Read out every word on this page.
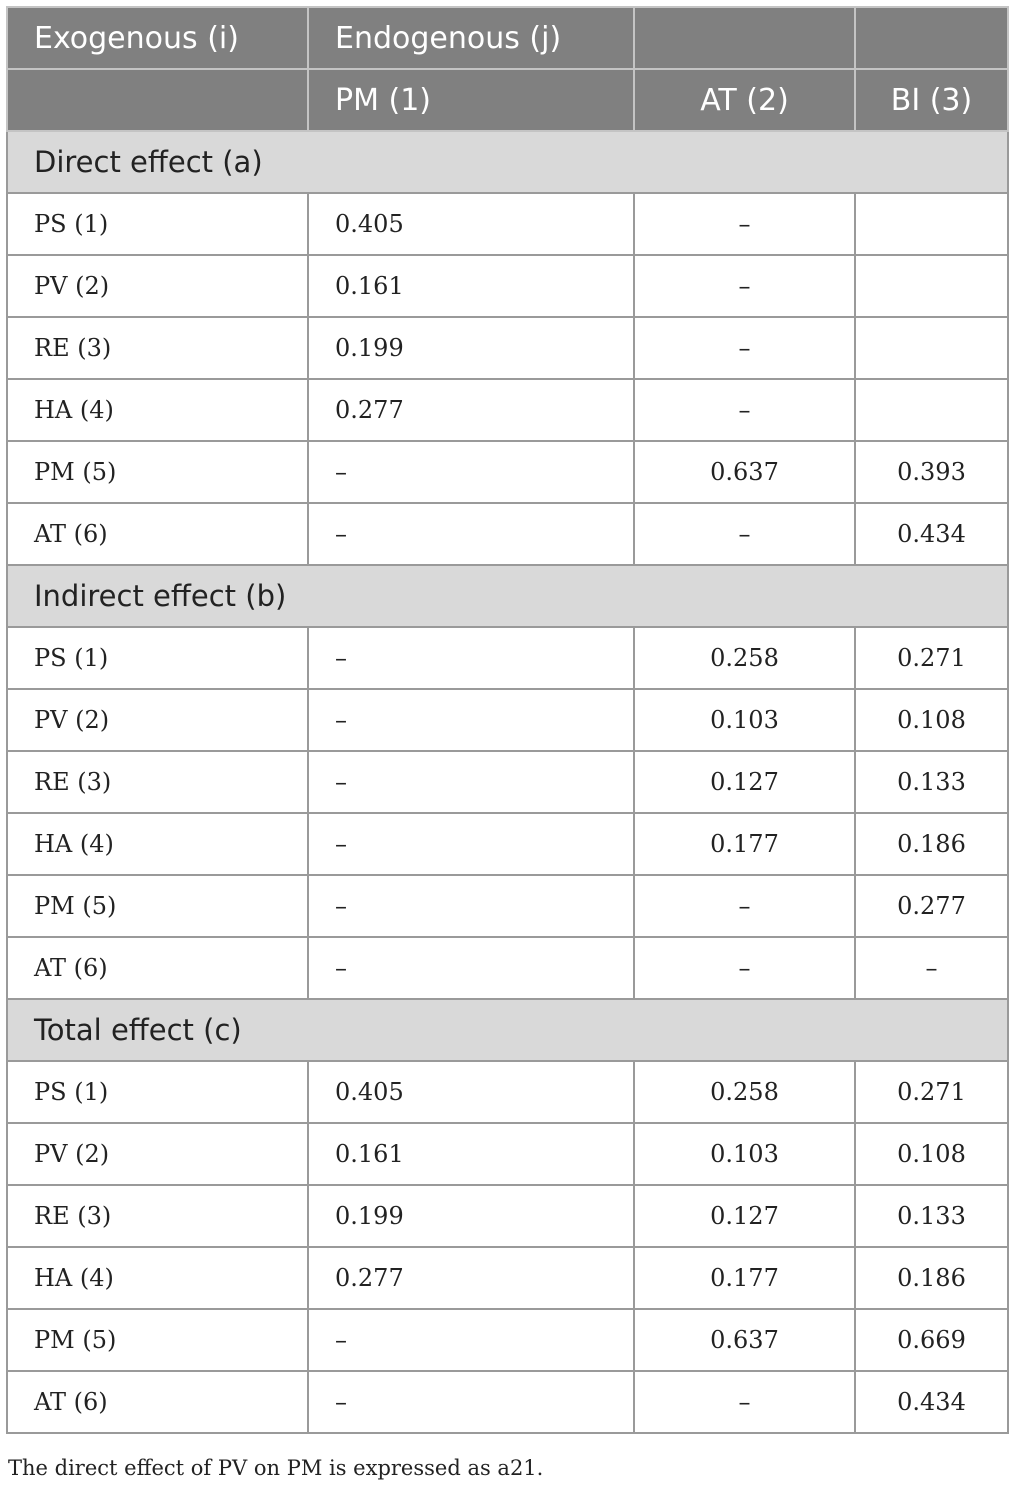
Exogenous (i)	Endogenous (j)		
	PM (1)	AT (2)	BI (3)
Direct effect (a)			
PS (1)	0.405	–	
PV (2)	0.161	–	
RE (3)	0.199	–	
HA (4)	0.277	–	
PM (5)	–	0.637	0.393
AT (6)	–	–	0.434
Indirect effect (b)			
PS (1)	–	0.258	0.271
PV (2)	–	0.103	0.108
RE (3)	–	0.127	0.133
HA (4)	–	0.177	0.186
PM (5)	–	–	0.277
AT (6)	–	–	–
Total effect (c)			
PS (1)	0.405	0.258	0.271
PV (2)	0.161	0.103	0.108
RE (3)	0.199	0.127	0.133
HA (4)	0.277	0.177	0.186
PM (5)	–	0.637	0.669
AT (6)	–	–	0.434
The direct effect of PV on PM is expressed as a21.
